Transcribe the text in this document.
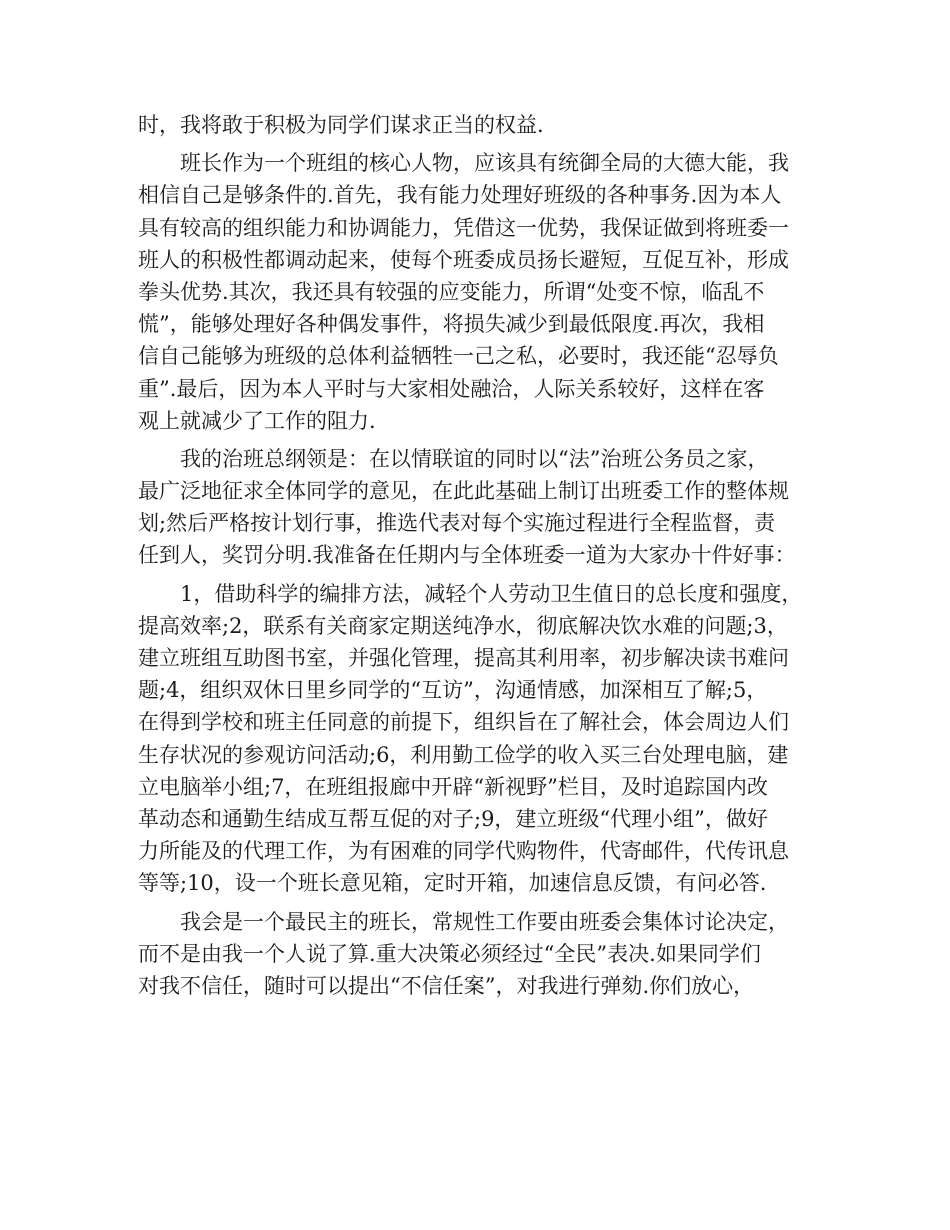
时，我将敢于积极为同学们谋求正当的权益.
　　班长作为一个班组的核心人物，应该具有统御全局的大德大能，我
相信自己是够条件的.首先，我有能力处理好班级的各种事务.因为本人
具有较高的组织能力和协调能力，凭借这一优势，我保证做到将班委一
班人的积极性都调动起来，使每个班委成员扬长避短，互促互补，形成
拳头优势.其次，我还具有较强的应变能力，所谓“处变不惊，临乱不
慌”，能够处理好各种偶发事件，将损失减少到最低限度.再次，我相
信自己能够为班级的总体利益牺牲一己之私，必要时，我还能“忍辱负
重”.最后，因为本人平时与大家相处融洽，人际关系较好，这样在客
观上就减少了工作的阻力.
　　我的治班总纲领是：在以情联谊的同时以“法”治班公务员之家，
最广泛地征求全体同学的意见，在此此基础上制订出班委工作的整体规
划;然后严格按计划行事，推选代表对每个实施过程进行全程监督，责
任到人，奖罚分明.我准备在任期内与全体班委一道为大家办十件好事：
　　1，借助科学的编排方法，减轻个人劳动卫生值日的总长度和强度，
提高效率;2，联系有关商家定期送纯净水，彻底解决饮水难的问题;3，
建立班组互助图书室，并强化管理，提高其利用率，初步解决读书难问
题;4，组织双休日里乡同学的“互访”，沟通情感，加深相互了解;5，
在得到学校和班主任同意的前提下，组织旨在了解社会，体会周边人们
生存状况的参观访问活动;6，利用勤工俭学的收入买三台处理电脑，建
立电脑举小组;7，在班组报廊中开辟“新视野”栏目，及时追踪国内改
革动态和通勤生结成互帮互促的对子;9，建立班级“代理小组”，做好
力所能及的代理工作，为有困难的同学代购物件，代寄邮件，代传讯息
等等;10，设一个班长意见箱，定时开箱，加速信息反馈，有问必答.
　　我会是一个最民主的班长，常规性工作要由班委会集体讨论决定，
而不是由我一个人说了算.重大决策必须经过“全民”表决.如果同学们
对我不信任，随时可以提出“不信任案”，对我进行弹劾.你们放心，
